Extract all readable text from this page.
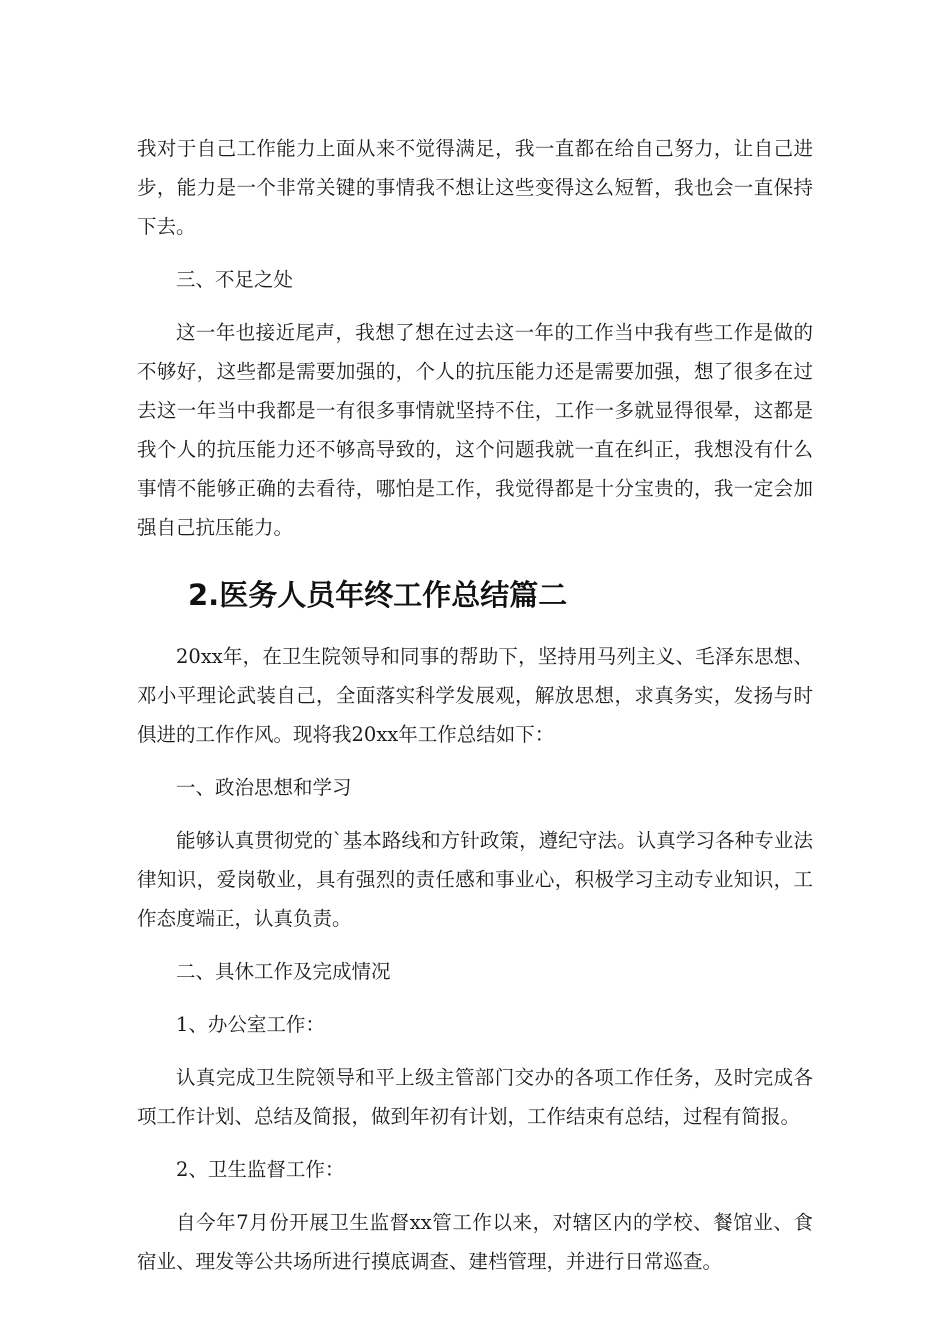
我对于自己工作能力上面从来不觉得满足，我一直都在给自己努力，让自己进步，能力是一个非常关键的事情我不想让这些变得这么短暂，我也会一直保持下去。

三、不足之处

这一年也接近尾声，我想了想在过去这一年的工作当中我有些工作是做的不够好，这些都是需要加强的，个人的抗压能力还是需要加强，想了很多在过去这一年当中我都是一有很多事情就坚持不住，工作一多就显得很晕，这都是我个人的抗压能力还不够高导致的，这个问题我就一直在纠正，我想没有什么事情不能够正确的去看待，哪怕是工作，我觉得都是十分宝贵的，我一定会加强自己抗压能力。

2.医务人员年终工作总结篇二

20xx年，在卫生院领导和同事的帮助下，坚持用马列主义、毛泽东思想、邓小平理论武装自己，全面落实科学发展观，解放思想，求真务实，发扬与时俱进的工作作风。现将我20xx年工作总结如下：

一、政治思想和学习

能够认真贯彻党的`基本路线和方针政策，遵纪守法。认真学习各种专业法律知识，爱岗敬业，具有强烈的责任感和事业心，积极学习主动专业知识，工作态度端正，认真负责。

二、具休工作及完成情况

1、办公室工作：

认真完成卫生院领导和平上级主管部门交办的各项工作任务，及时完成各项工作计划、总结及简报，做到年初有计划，工作结束有总结，过程有简报。

2、卫生监督工作：

自今年7月份开展卫生监督xx管工作以来，对辖区内的学校、餐馆业、食宿业、理发等公共场所进行摸底调查、建档管理，并进行日常巡查。
